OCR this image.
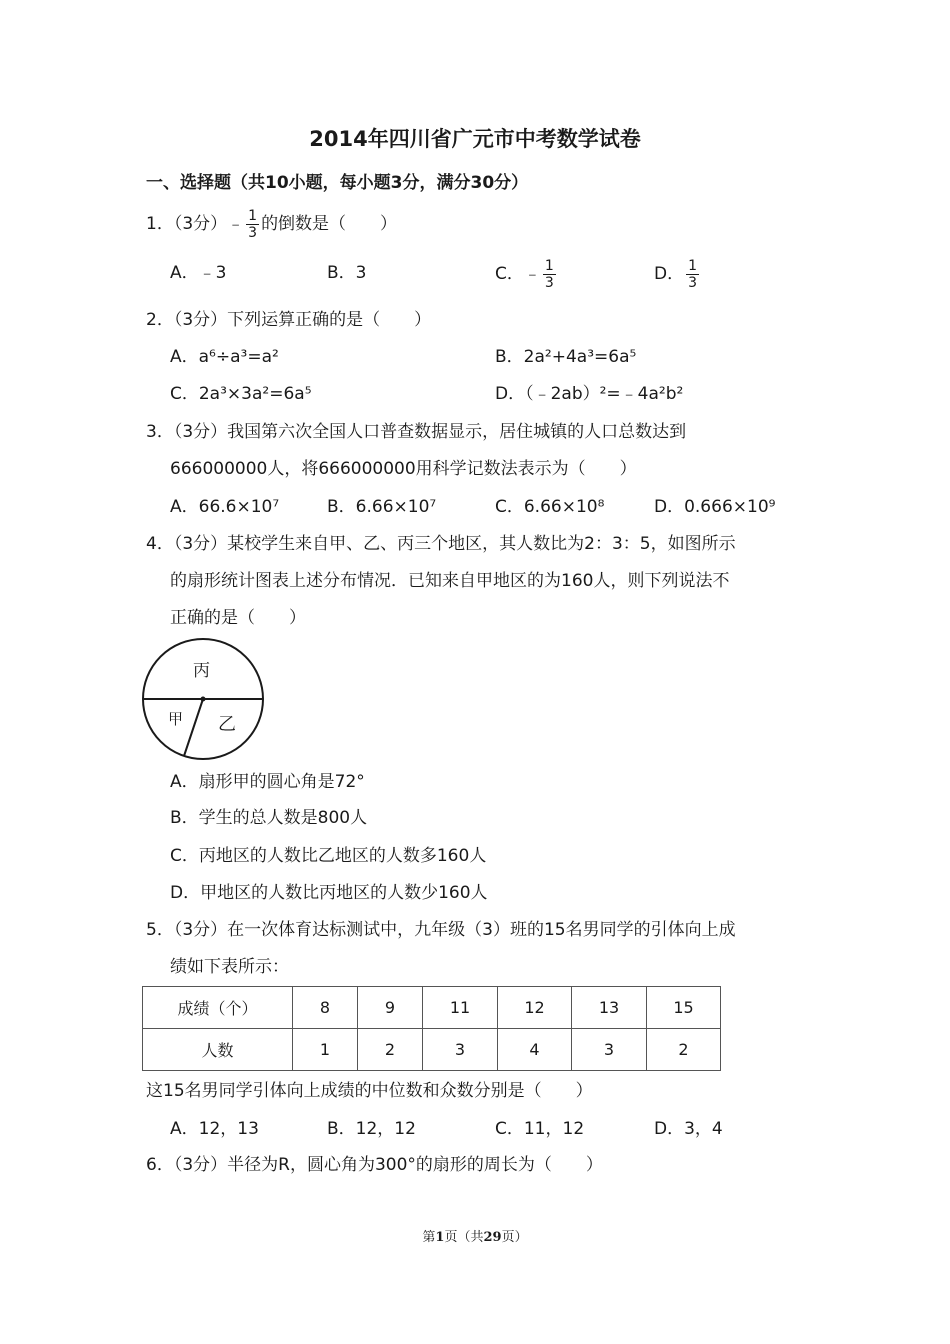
2014年四川省广元市中考数学试卷
一、选择题（共10小题，每小题3分，满分30分）
1．（3分）﹣ $\frac{1}{3}$ 的倒数是（　　）
A．﹣3	B．3	C．﹣ $\frac{1}{3}$	D． $\frac{1}{3}$
2．（3分）下列运算正确的是（　　）
A．a⁶÷a³=a²	B．2a²+4a³=6a⁵
C．2a³×3a²=6a⁵	D．（﹣2ab）²=﹣4a²b²
3．（3分）我国第六次全国人口普查数据显示，居住城镇的人口总数达到
666000000人，将666000000用科学记数法表示为（　　）
A．66.6×10⁷	B．6.66×10⁷	C．6.66×10⁸	D．0.666×10⁹
4．（3分）某校学生来自甲、乙、丙三个地区，其人数比为2：3：5，如图所示
的扇形统计图表上述分布情况．已知来自甲地区的为160人，则下列说法不
正确的是（　　）
丙
甲 乙
A．扇形甲的圆心角是72°
B．学生的总人数是800人
C．丙地区的人数比乙地区的人数多160人
D．甲地区的人数比丙地区的人数少160人
5．（3分）在一次体育达标测试中，九年级（3）班的15名男同学的引体向上成
绩如下表所示：
成绩（个）	8	9	11	12	13	15
人数	1	2	3	4	3	2
这15名男同学引体向上成绩的中位数和众数分别是（　　）
A．12，13	B．12，12	C．11，12	D．3，4
6．（3分）半径为R，圆心角为300°的扇形的周长为（　　）
第1页（共29页）
